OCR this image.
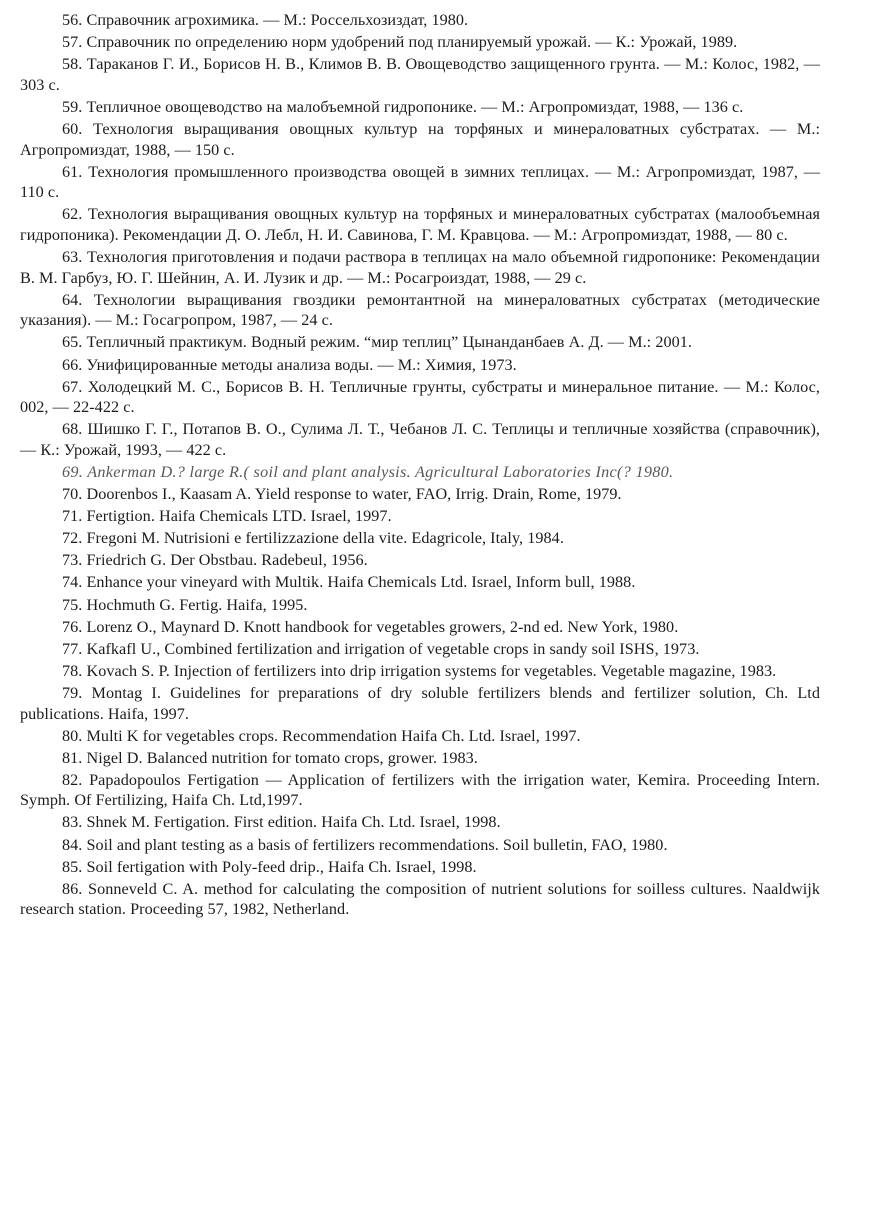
56. Справочник агрохимика. — М.: Россельхозиздат, 1980.

57. Справочник по определению норм удобрений под планируемый урожай. — К.: Урожай, 1989.

58. Тараканов Г. И., Борисов Н. В., Климов В. В. Овощеводство защищенного грунта. — М.: Колос, 1982, — 303 с.

59. Тепличное овощеводство на малобъемной гидропонике. — М.: Агропромиздат, 1988, — 136 с.

60. Технология выращивания овощных культур на торфяных и минераловатных субстратах. — М.: Агропромиздат, 1988, — 150 с.

61. Технология промышленного производства овощей в зимних теплицах. — М.: Агропромиздат, 1987, — 110 с.

62. Технология выращивания овощных культур на торфяных и минераловатных субстратах (малообъемная гидропоника). Рекомендации Д. О. Лебл, Н. И. Савинова, Г. М. Кравцова. — М.: Агропромиздат, 1988, — 80 с.

63. Технология приготовления и подачи раствора в теплицах на мало объемной гидропонике: Рекомендации В. М. Гарбуз, Ю. Г. Шейнин, А. И. Лузик и др. — М.: Росагроиздат, 1988, — 29 с.

64. Технологии выращивания гвоздики ремонтантной на минераловатных субстратах (методические указания). — М.: Госагропром, 1987, — 24 с.

65. Тепличный практикум. Водный режим. “мир теплиц” Цынанданбаев А. Д. — М.: 2001.

66. Унифицированные методы анализа воды. — М.: Химия, 1973.

67. Холодецкий М. С., Борисов В. Н. Тепличные грунты, субстраты и минеральное питание. — М.: Колос, 002, — 22-422 с.

68. Шишко Г. Г., Потапов В. О., Сулима Л. Т., Чебанов Л. С. Теплицы и тепличные хозяйства (справочник), — К.: Урожай, 1993, — 422 с.

69. Ankerman D.? large R.( soil and plant analysis. Agricultural Laboratories Inc(? 1980.

70. Doorenbos I., Kaasam A. Yield response to water, FAO, Irrig. Drain, Rome, 1979.

71. Fertigtion. Haifa Chemicals LTD. Israel, 1997.

72. Fregoni M. Nutrisioni e fertilizzazione della vite. Edagricole, Italy, 1984.

73. Friedrich G. Der Obstbau. Radebeul, 1956.

74. Enhance your vineyard with Multik. Haifa Chemicals Ltd. Israel, Inform bull, 1988.

75. Hochmuth G. Fertig. Haifa, 1995.

76. Lorenz O., Maynard D. Knott handbook for vegetables growers, 2-nd ed. New York, 1980.

77. Kafkafl U., Combined fertilization and irrigation of vegetable crops in sandy soil ISHS, 1973.

78. Kovach S. P. Injection of fertilizers into drip irrigation systems for vegetables. Vegetable magazine, 1983.

79. Montag I. Guidelines for preparations of dry soluble fertilizers blends and fertilizer solution, Ch. Ltd publications. Haifa, 1997.

80. Multi K for vegetables crops. Recommendation Haifa Ch. Ltd. Israel, 1997.

81. Nigel D. Balanced nutrition for tomato crops, grower. 1983.

82. Papadopoulos Fertigation — Application of fertilizers with the irrigation water, Kemira. Proceeding Intern. Symph. Of Fertilizing, Haifa Ch. Ltd,1997.

83. Shnek M. Fertigation. First edition. Haifa Ch. Ltd. Israel, 1998.

84. Soil and plant testing as a basis of fertilizers recommendations. Soil bulletin, FAO, 1980.

85. Soil fertigation with Poly-feed drip., Haifa Ch. Israel, 1998.

86. Sonneveld C. A. method for calculating the composition of nutrient solutions for soilless cultures. Naaldwijk research station. Proceeding 57, 1982, Netherland.
